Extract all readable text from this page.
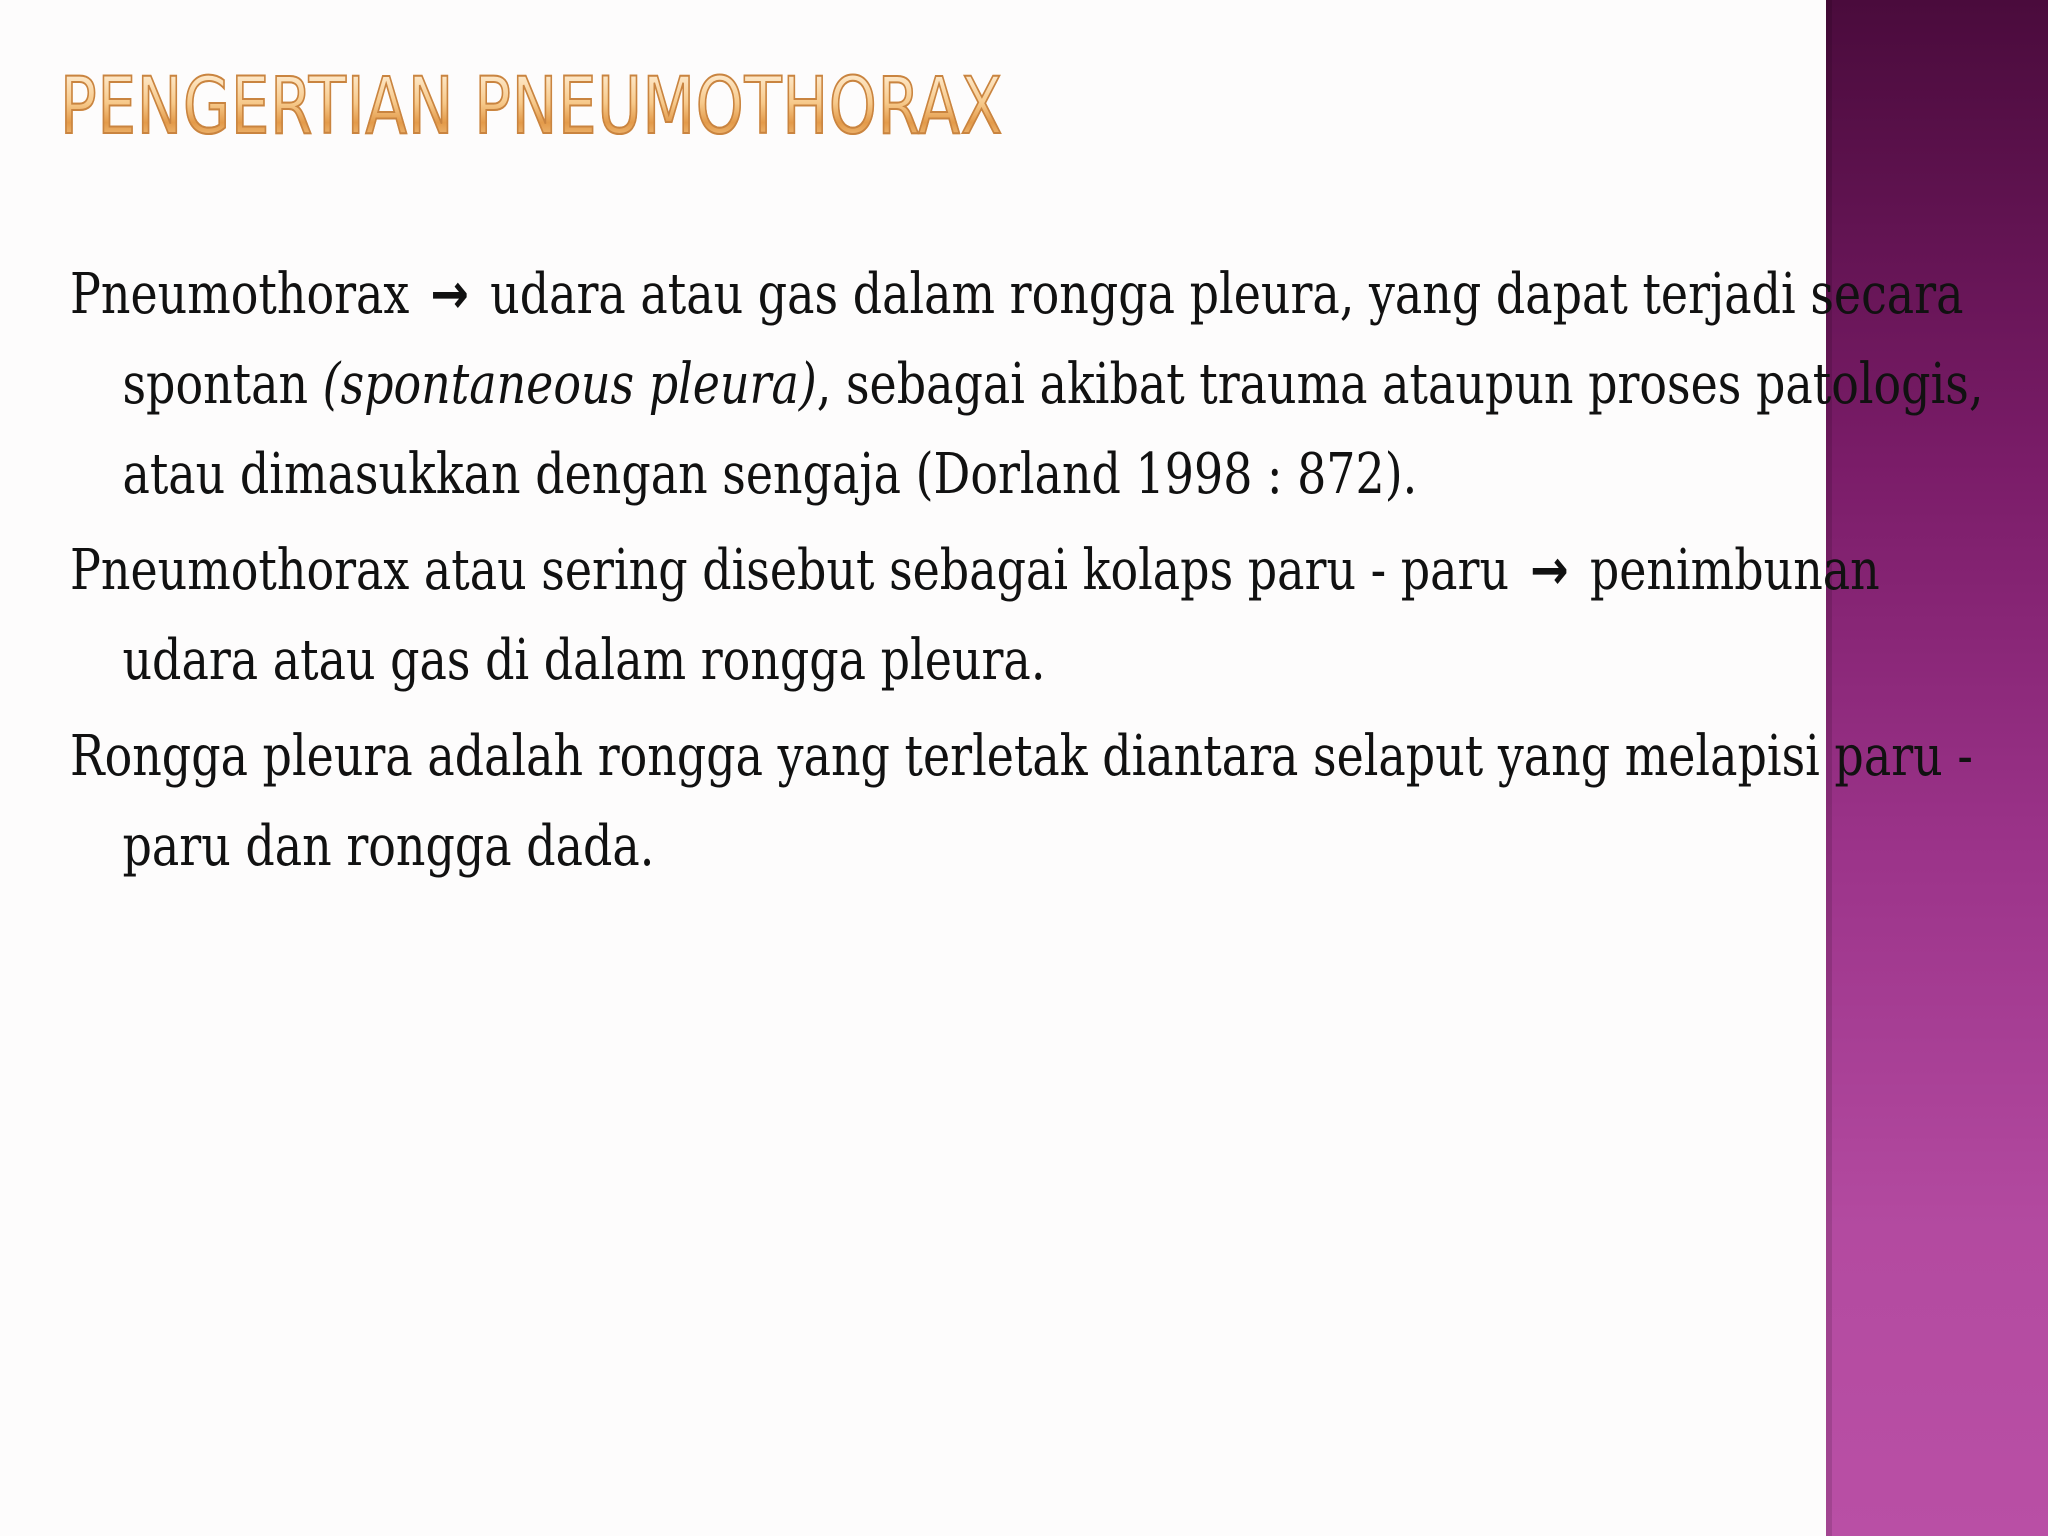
PENGERTIAN PNEUMOTHORAX

Pneumothorax → udara atau gas dalam rongga pleura, yang dapat terjadi secara spontan (spontaneous pleura), sebagai akibat trauma ataupun proses patologis, atau dimasukkan dengan sengaja (Dorland 1998 : 872).

Pneumothorax atau sering disebut sebagai kolaps paru - paru → penimbunan udara atau gas di dalam rongga pleura.

Rongga pleura adalah rongga yang terletak diantara selaput yang melapisi paru - paru dan rongga dada.
